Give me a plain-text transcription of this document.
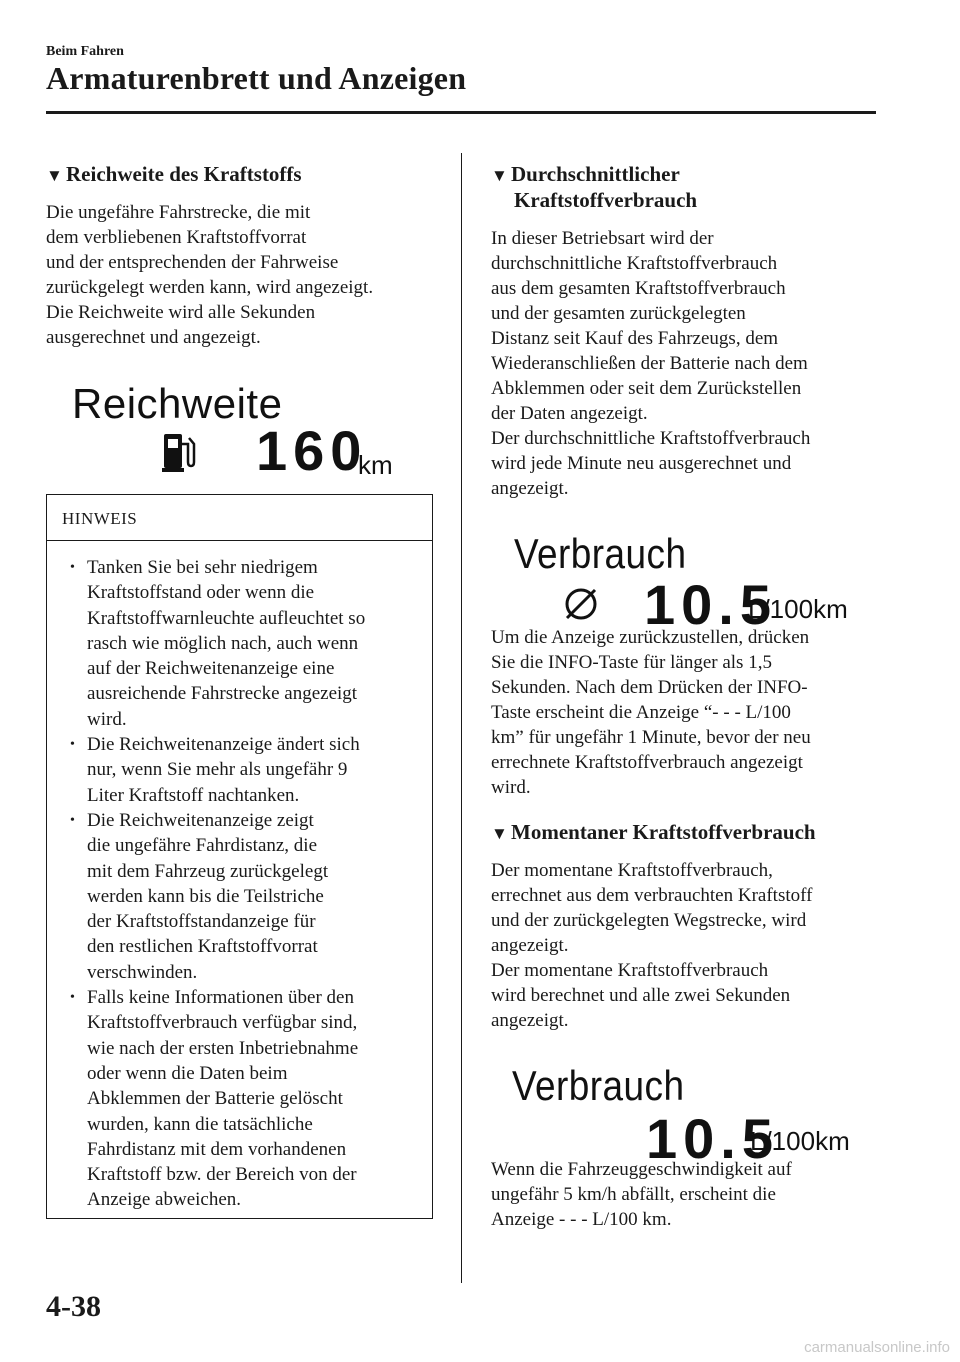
Beim Fahren
Armaturenbrett und Anzeigen
▼ Reichweite des Kraftstoffs
Die ungefähre Fahrstrecke, die mit
dem verbliebenen Kraftstoffvorrat
und der entsprechenden der Fahrweise
zurückgelegt werden kann, wird angezeigt.
Die Reichweite wird alle Sekunden
ausgerechnet und angezeigt.
Reichweite
160
km
HINWEIS
• Tanken Sie bei sehr niedrigem
Kraftstoffstand oder wenn die
Kraftstoffwarnleuchte aufleuchtet so
rasch wie möglich nach, auch wenn
auf der Reichweitenanzeige eine
ausreichende Fahrstrecke angezeigt
wird.
• Die Reichweitenanzeige ändert sich
nur, wenn Sie mehr als ungefähr 9
Liter Kraftstoff nachtanken.
• Die Reichweitenanzeige zeigt
die ungefähre Fahrdistanz, die
mit dem Fahrzeug zurückgelegt
werden kann bis die Teilstriche
der Kraftstoffstandanzeige für
den restlichen Kraftstoffvorrat
verschwinden.
• Falls keine Informationen über den
Kraftstoffverbrauch verfügbar sind,
wie nach der ersten Inbetriebnahme
oder wenn die Daten beim
Abklemmen der Batterie gelöscht
wurden, kann die tatsächliche
Fahrdistanz mit dem vorhandenen
Kraftstoff bzw. der Bereich von der
Anzeige abweichen.
▼ Durchschnittlicher
Kraftstoffverbrauch
In dieser Betriebsart wird der
durchschnittliche Kraftstoffverbrauch
aus dem gesamten Kraftstoffverbrauch
und der gesamten zurückgelegten
Distanz seit Kauf des Fahrzeugs, dem
Wiederanschließen der Batterie nach dem
Abklemmen oder seit dem Zurückstellen
der Daten angezeigt.
Der durchschnittliche Kraftstoffverbrauch
wird jede Minute neu ausgerechnet und
angezeigt.
Verbrauch
10.5
L/100km
Um die Anzeige zurückzustellen, drücken
Sie die INFO-Taste für länger als 1,5
Sekunden. Nach dem Drücken der INFO-
Taste erscheint die Anzeige “- - - L/100
km” für ungefähr 1 Minute, bevor der neu
errechnete Kraftstoffverbrauch angezeigt
wird.
▼ Momentaner Kraftstoffverbrauch
Der momentane Kraftstoffverbrauch,
errechnet aus dem verbrauchten Kraftstoff
und der zurückgelegten Wegstrecke, wird
angezeigt.
Der momentane Kraftstoffverbrauch
wird berechnet und alle zwei Sekunden
angezeigt.
Verbrauch
10.5
L/100km
Wenn die Fahrzeuggeschwindigkeit auf
ungefähr 5 km/h abfällt, erscheint die
Anzeige - - - L/100 km.
4-38
carmanualsonline.info
